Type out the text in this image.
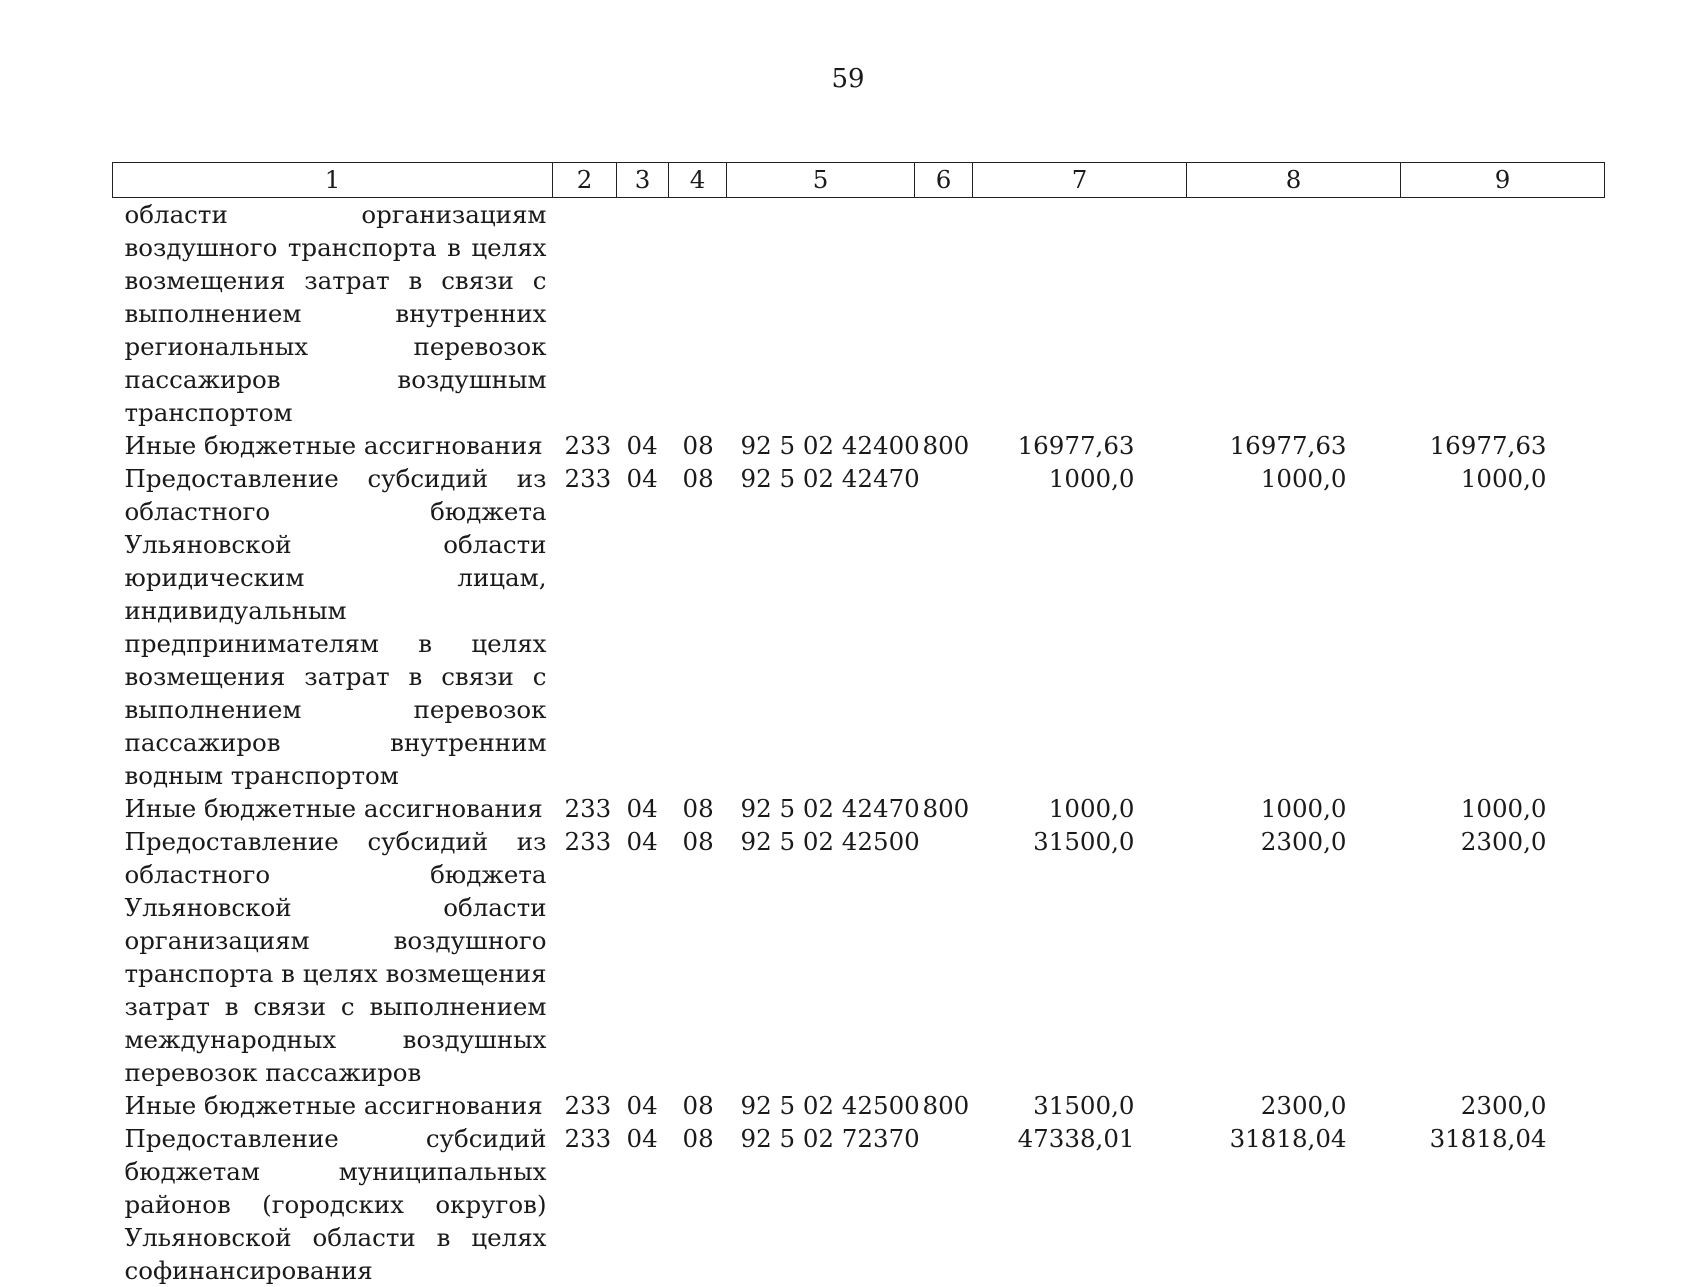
59
1	2	3	4	5	6	7	8	9
области организациям воздушного транспорта в целях возмещения затрат в связи с выполнением внутренних региональных перевозок пассажиров воздушным транспортом								
Иные бюджетные ассигнования	233	04	08	92 5 02 42400	800	16977,63	16977,63	16977,63
Предоставление субсидий из областного бюджета Ульяновской области юридическим лицам, индивидуальным предпринимателям в целях возмещения затрат в связи с выполнением перевозок пассажиров внутренним водным транспортом	233	04	08	92 5 02 42470		1000,0	1000,0	1000,0
Иные бюджетные ассигнования	233	04	08	92 5 02 42470	800	1000,0	1000,0	1000,0
Предоставление субсидий из областного бюджета Ульяновской области организациям воздушного транспорта в целях возмещения затрат в связи с выполнением международных воздушных перевозок пассажиров	233	04	08	92 5 02 42500		31500,0	2300,0	2300,0
Иные бюджетные ассигнования	233	04	08	92 5 02 42500	800	31500,0	2300,0	2300,0
Предоставление субсидий бюджетам муниципальных районов (городских округов) Ульяновской области в целях софинансирования	233	04	08	92 5 02 72370		47338,01	31818,04	31818,04
